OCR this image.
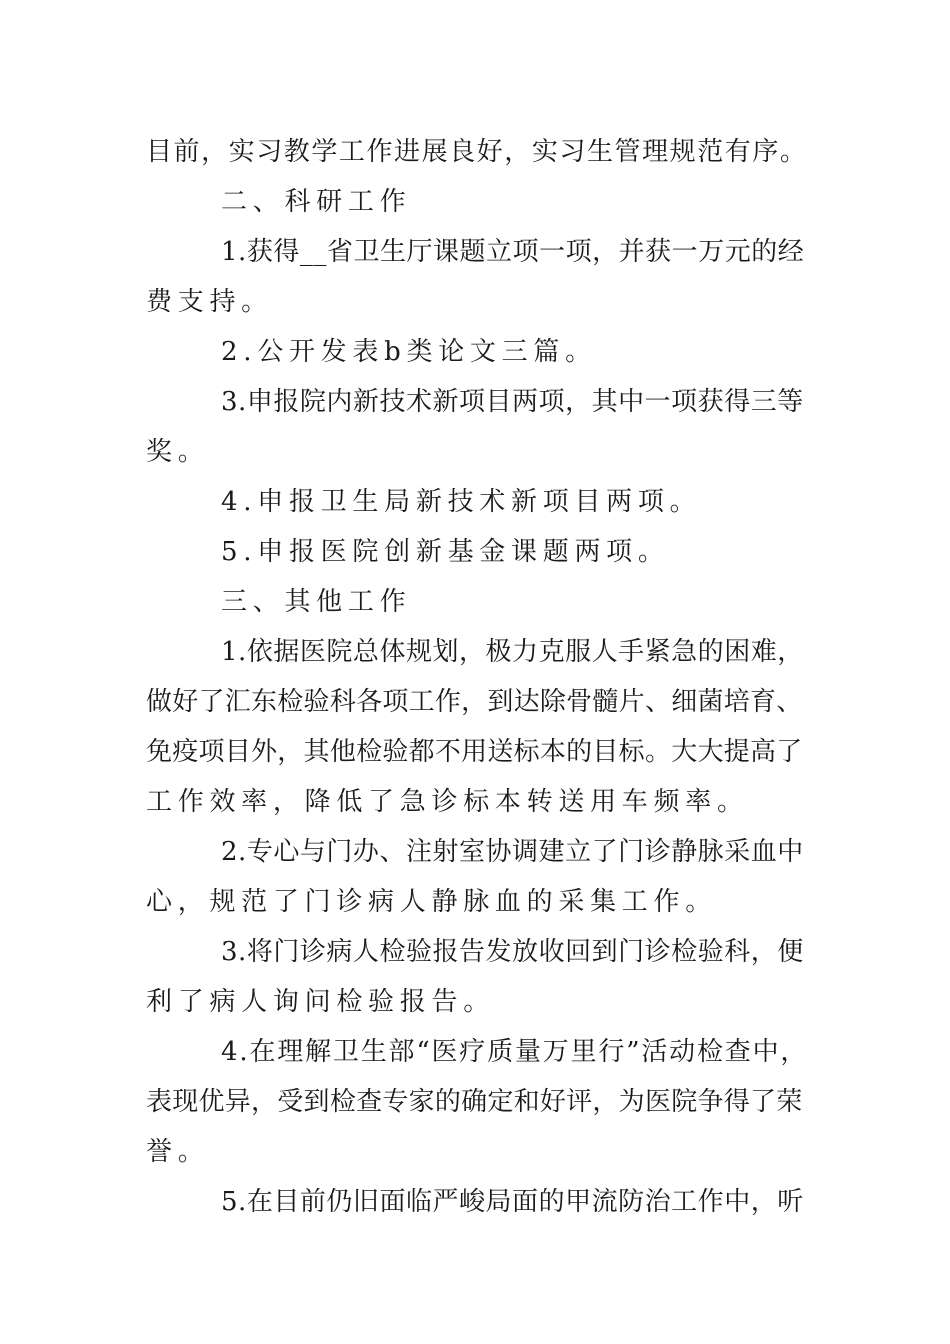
目前，实习教学工作进展良好，实习生管理规范有序。
二、科研工作
1.获得__省卫生厅课题立项一项，并获一万元的经
费支持。
2.公开发表b类论文三篇。
3.申报院内新技术新项目两项，其中一项获得三等
奖。
4.申报卫生局新技术新项目两项。
5.申报医院创新基金课题两项。
三、其他工作
1.依据医院总体规划，极力克服人手紧急的困难，
做好了汇东检验科各项工作，到达除骨髓片、细菌培育、
免疫项目外，其他检验都不用送标本的目标。大大提高了
工作效率，降低了急诊标本转送用车频率。
2.专心与门办、注射室协调建立了门诊静脉采血中
心，规范了门诊病人静脉血的采集工作。
3.将门诊病人检验报告发放收回到门诊检验科，便
利了病人询问检验报告。
4.在理解卫生部“医疗质量万里行”活动检查中，
表现优异，受到检查专家的确定和好评，为医院争得了荣
誉。
5.在目前仍旧面临严峻局面的甲流防治工作中，听
